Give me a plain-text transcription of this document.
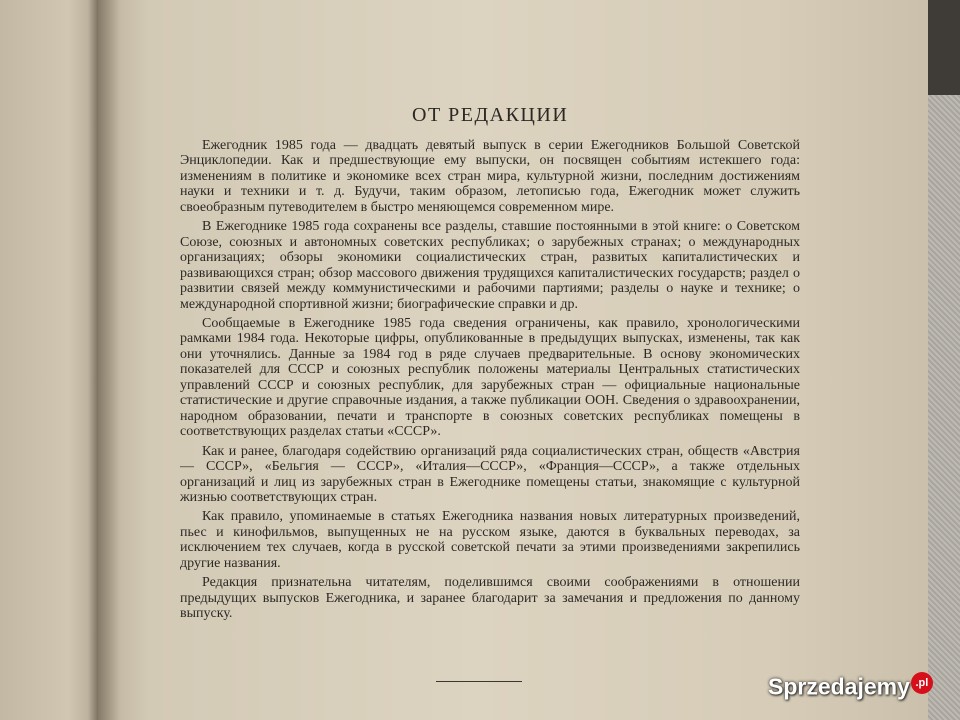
ОТ РЕДАКЦИИ

Ежегодник 1985 года — двадцать девятый выпуск в серии Ежегодников Большой Советской Энциклопедии. Как и предшествующие ему выпуски, он посвящен событиям истекшего года: изменениям в политике и экономике всех стран мира, культурной жизни, последним достижениям науки и техники и т. д. Будучи, таким образом, летописью года, Ежегодник может служить своеобразным путеводителем в быстро меняющемся современном мире.

В Ежегоднике 1985 года сохранены все разделы, ставшие постоянными в этой книге: о Советском Союзе, союзных и автономных советских республиках; о зарубежных странах; о международных организациях; обзоры экономики социалистических стран, развитых капиталистических и развивающихся стран; обзор массового движения трудящихся капиталистических государств; раздел о развитии связей между коммунистическими и рабочими партиями; разделы о науке и технике; о международной спортивной жизни; биографические справки и др.

Сообщаемые в Ежегоднике 1985 года сведения ограничены, как правило, хронологическими рамками 1984 года. Некоторые цифры, опубликованные в предыдущих выпусках, изменены, так как они уточнялись. Данные за 1984 год в ряде случаев предварительные. В основу экономических показателей для СССР и союзных республик положены материалы Центральных статистических управлений СССР и союзных республик, для зарубежных стран — официальные национальные статистические и другие справочные издания, а также публикации ООН. Сведения о здравоохранении, народном образовании, печати и транспорте в союзных советских республиках помещены в соответствующих разделах статьи «СССР».

Как и ранее, благодаря содействию организаций ряда социалистических стран, обществ «Австрия — СССР», «Бельгия — СССР», «Италия—СССР», «Франция—СССР», а также отдельных организаций и лиц из зарубежных стран в Ежегоднике помещены статьи, знакомящие с культурной жизнью соответствующих стран.

Как правило, упоминаемые в статьях Ежегодника названия новых литературных произведений, пьес и кинофильмов, выпущенных не на русском языке, даются в буквальных переводах, за исключением тех случаев, когда в русской советской печати за этими произведениями закрепились другие названия.

Редакция признательна читателям, поделившимся своими соображениями в отношении предыдущих выпусков Ежегодника, и заранее благодарит за замечания и предложения по данному выпуску.

Sprzedajemy .pl
